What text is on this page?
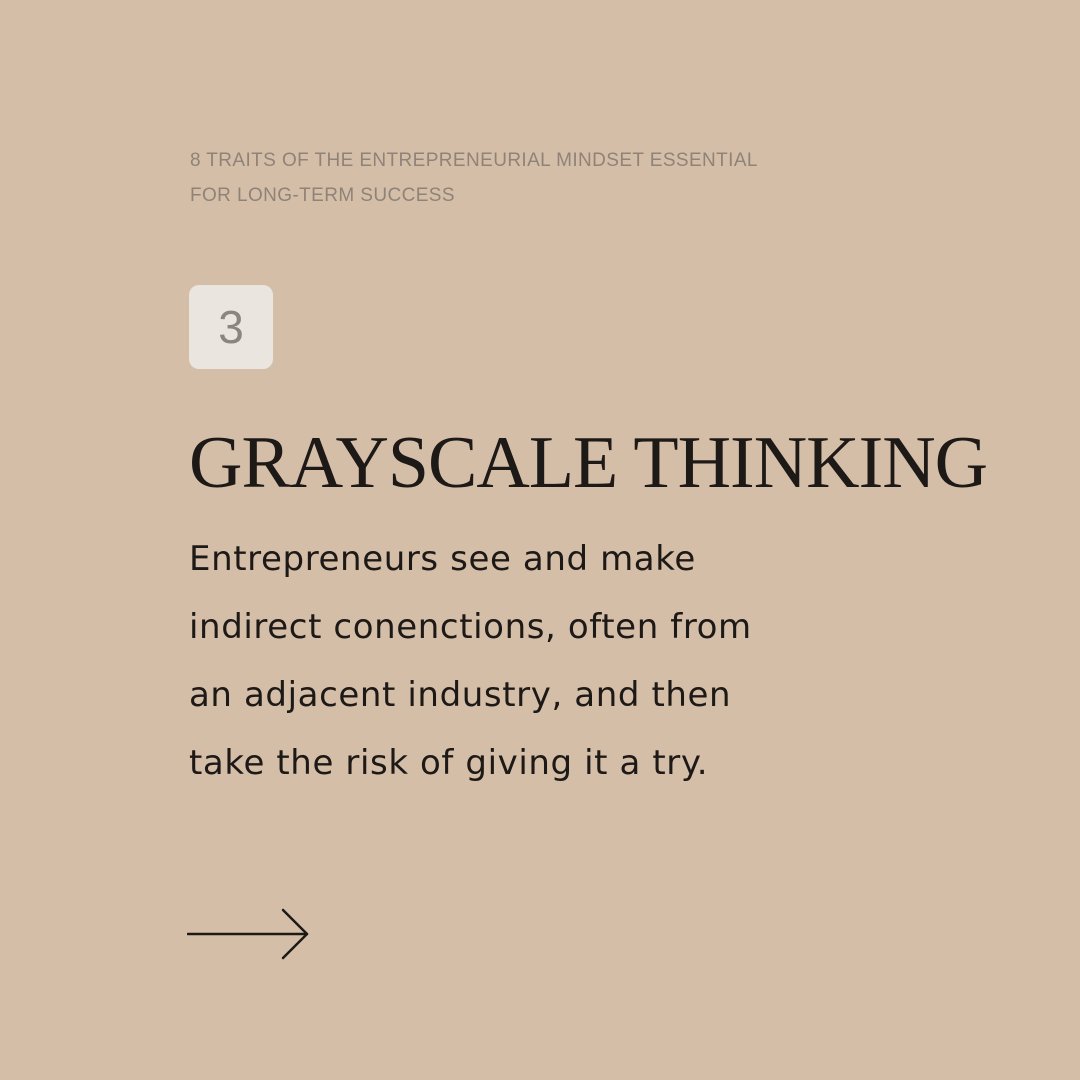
8 TRAITS OF THE ENTREPRENEURIAL MINDSET ESSENTIAL
FOR LONG-TERM SUCCESS
3
GRAYSCALE THINKING
Entrepreneurs see and make
indirect conenctions, often from
an adjacent industry, and then
take the risk of giving it a try.
